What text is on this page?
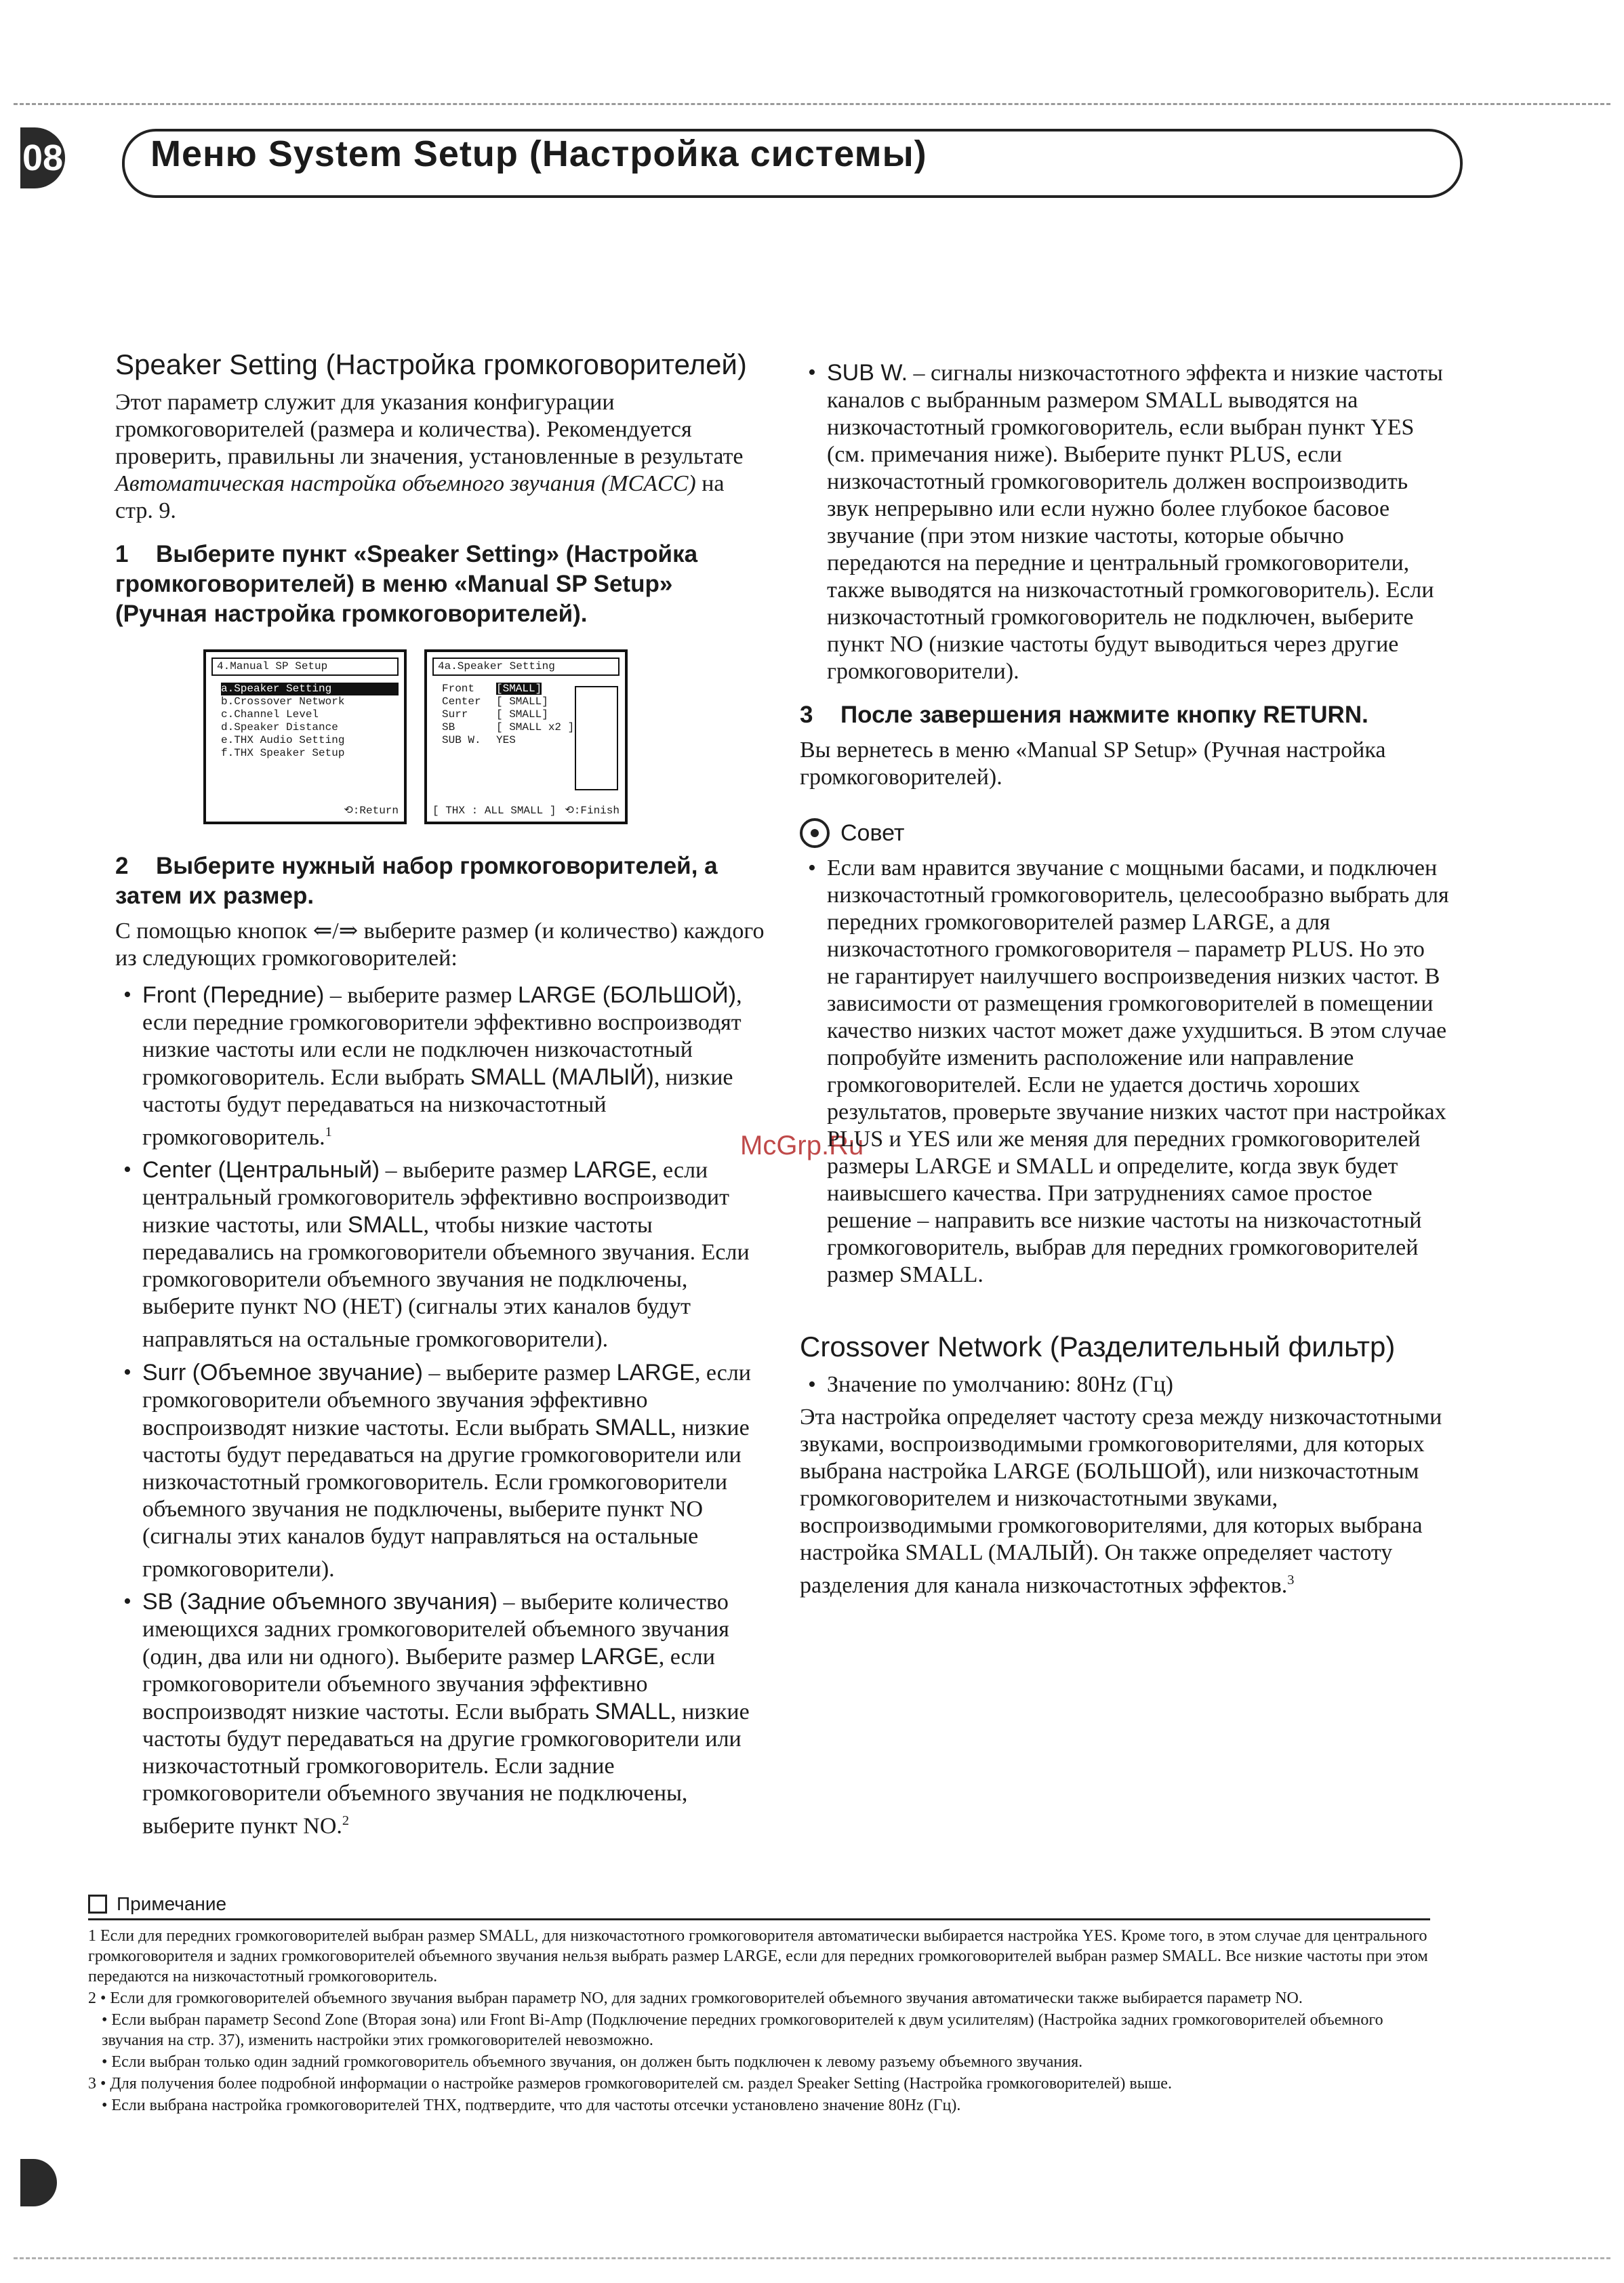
08 Меню System Setup (Настройка системы)
McGrp.Ru
Speaker Setting (Настройка громкоговорителей)

Этот параметр служит для указания конфигурации громкоговорителей (размера и количества). Рекомендуется проверить, правильны ли значения, установленные в результате Автоматическая настройка объемного звучания (MCACC) на стр. 9.

1 Выберите пункт «Speaker Setting» (Настройка громкоговорителей) в меню «Manual SP Setup» (Ручная настройка громкоговорителей).
4.Manual SP Setup
a.Speaker Setting
b.Crossover Network
c.Channel Level
d.Speaker Distance
e.THX Audio Setting
f.THX Speaker Setup
⟲:Return
4a.Speaker Setting
Front [SMALL]
Center [ SMALL]
Surr	[ SMALL]
SB	[ SMALL x2 ]
SUB W. YES
[ THX : ALL SMALL ] ⟲:Finish
2 Выберите нужный набор громкоговорителей, а затем их размер.

С помощью кнопок ⇐/⇒ выберите размер (и количество) каждого из следующих громкоговорителей:

• Front (Передние) – выберите размер LARGE (БОЛЬШОЙ), если передние громкоговорители эффективно воспроизводят низкие частоты или если не подключен низкочастотный громкоговоритель. Если выбрать SMALL (МАЛЫЙ), низкие частоты будут передаваться на низкочастотный громкоговоритель.$^1$
• Center (Центральный) – выберите размер LARGE, если центральный громкоговоритель эффективно воспроизводит низкие частоты, или SMALL, чтобы низкие частоты передавались на громкоговорители объемного звучания. Если громкоговорители объемного звучания не подключены, выберите пункт NO (НЕТ) (сигналы этих каналов будут направляться на остальные громкоговорители).
• Surr (Объемное звучание) – выберите размер LARGE, если громкоговорители объемного звучания эффективно воспроизводят низкие частоты. Если выбрать SMALL, низкие частоты будут передаваться на другие громкоговорители или низкочастотный громкоговоритель. Если громкоговорители объемного звучания не подключены, выберите пункт NO (сигналы этих каналов будут направляться на остальные громкоговорители).
• SB (Задние объемного звучания) – выберите количество имеющихся задних громкоговорителей объемного звучания (один, два или ни одного). Выберите размер LARGE, если громкоговорители объемного звучания эффективно воспроизводят низкие частоты. Если выбрать SMALL, низкие частоты будут передаваться на другие громкоговорители или низкочастотный громкоговоритель. Если задние громкоговорители объемного звучания не подключены, выберите пункт NO.$^2$
• SUB W. – сигналы низкочастотного эффекта и низкие частоты каналов с выбранным размером SMALL выводятся на низкочастотный громкоговоритель, если выбран пункт YES (см. примечания ниже). Выберите пункт PLUS, если низкочастотный громкоговоритель должен воспроизводить звук непрерывно или если нужно более глубокое басовое звучание (при этом низкие частоты, которые обычно передаются на передние и центральный громкоговорители, также выводятся на низкочастотный громкоговоритель). Если низкочастотный громкоговоритель не подключен, выберите пункт NO (низкие частоты будут выводиться через другие громкоговорители).
3 После завершения нажмите кнопку RETURN.

Вы вернетесь в меню «Manual SP Setup» (Ручная настройка громкоговорителей).

Совет
• Если вам нравится звучание с мощными басами, и подключен низкочастотный громкоговоритель, целесообразно выбрать для передних громкоговорителей размер LARGE, а для низкочастотного громкоговорителя – параметр PLUS. Но это не гарантирует наилучшего воспроизведения низких частот. В зависимости от размещения громкоговорителей в помещении качество низких частот может даже ухудшиться. В этом случае попробуйте изменить расположение или направление громкоговорителей. Если не удается достичь хороших результатов, проверьте звучание низких частот при настройках PLUS и YES или же меняя для передних громкоговорителей размеры LARGE и SMALL и определите, когда звук будет наивысшего качества. При затруднениях самое простое решение – направить все низкие частоты на низкочастотный громкоговоритель, выбрав для передних громкоговорителей размер SMALL.
Crossover Network (Разделительный фильтр)
• Значение по умолчанию: 80Hz (Гц)

Эта настройка определяет частоту среза между низкочастотными звуками, воспроизводимыми громкоговорителями, для которых выбрана настройка LARGE (БОЛЬШОЙ), или низкочастотным громкоговорителем и низкочастотными звуками, воспроизводимыми громкоговорителями, для которых выбрана настройка SMALL (МАЛЫЙ). Он также определяет частоту разделения для канала низкочастотных эффектов.$^3$

Примечание

1 Если для передних громкоговорителей выбран размер SMALL, для низкочастотного громкоговорителя автоматически выбирается настройка YES. Кроме того, в этом случае для центрального громкоговорителя и задних громкоговорителей объемного звучания нельзя выбрать размер LARGE, если для передних громкоговорителей выбран размер SMALL. Все низкие частоты при этом передаются на низкочастотный громкоговоритель.

2 • Если для громкоговорителей объемного звучания выбран параметр NO, для задних громкоговорителей объемного звучания автоматически также выбирается параметр NO.

• Если выбран параметр Second Zone (Вторая зона) или Front Bi-Amp (Подключение передних громкоговорителей к двум усилителям) (Настройка задних громкоговорителей объемного звучания на стр. 37), изменить настройки этих громкоговорителей невозможно.

• Если выбран только один задний громкоговоритель объемного звучания, он должен быть подключен к левому разъему объемного звучания.

3 • Для получения более подробной информации о настройке размеров громкоговорителей см. раздел Speaker Setting (Настройка громкоговорителей) выше.

• Если выбрана настройка громкоговорителей THX, подтвердите, что для частоты отсечки установлено значение 80Hz (Гц).
